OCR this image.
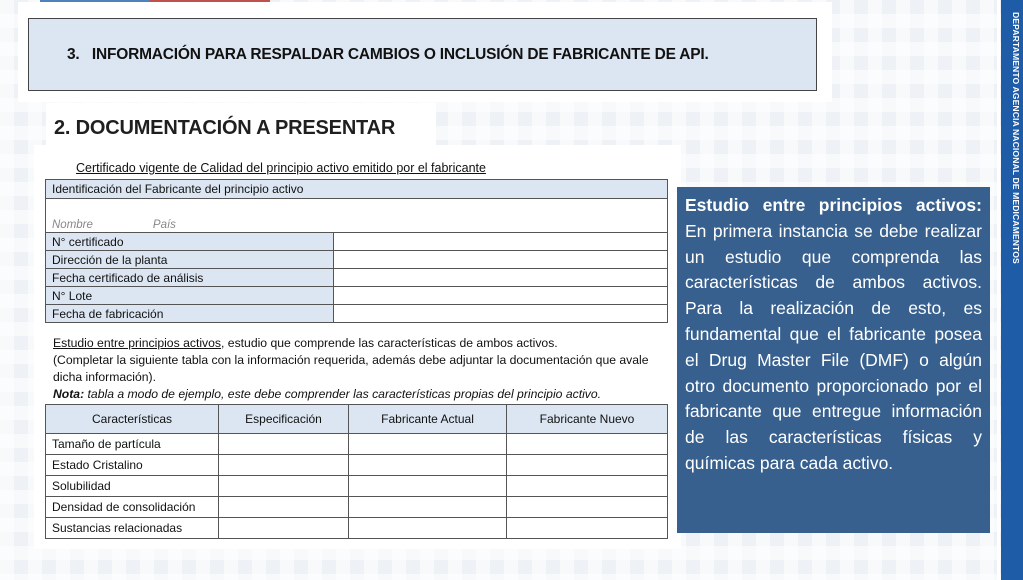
3.   INFORMACIÓN PARA RESPALDAR CAMBIOS O INCLUSIÓN DE FABRICANTE DE API.
2. DOCUMENTACIÓN A PRESENTAR
Certificado vigente de Calidad del principio activo emitido por el fabricante
Identificación del Fabricante del principio activo	

Nombre País	
N° certificado	
Dirección de la planta	
Fecha certificado de análisis	
N° Lote	
Fecha de fabricación	
Estudio entre principios activos, estudio que comprende las características de ambos activos.
(Completar la siguiente tabla con la información requerida, además debe adjuntar la documentación que avale dicha información).
Nota: tabla a modo de ejemplo, este debe comprender las características propias del principio activo.
Características	Especificación	Fabricante Actual	Fabricante Nuevo
Tamaño de partícula			
Estado Cristalino			
Solubilidad			
Densidad de consolidación			
Sustancias relacionadas			
Estudio entre principios activos: En primera instancia se debe realizar un estudio que comprenda las características de ambos activos. Para la realización de esto, es fundamental que el fabricante posea el Drug Master File (DMF) o algún otro documento proporcionado por el fabricante que entregue información de las características físicas y químicas para cada activo.
DEPARTAMENTO AGENCIA NACIONAL DE MEDICAMENTOS
